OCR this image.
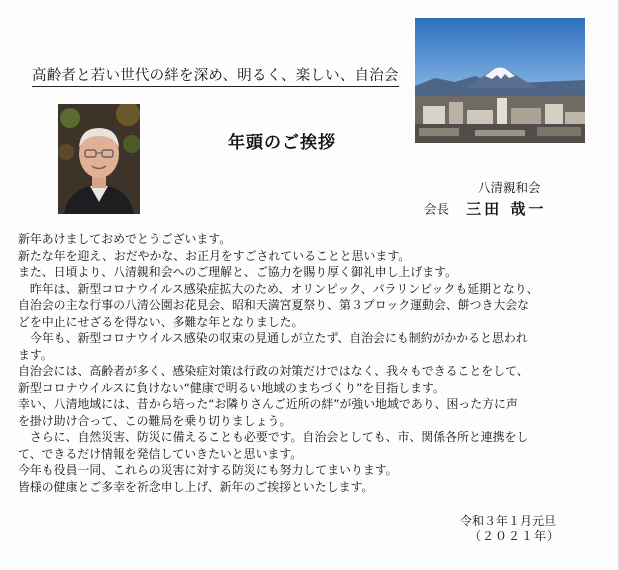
高齢者と若い世代の絆を深め、明るく、楽しい、自治会
年頭のご挨拶
八清親和会
会長 三田 哉一
新年あけましておめでとうございます。
新たな年を迎え、おだやかな、お正月をすごされていることと思います。
また、日頃より、八清親和会へのご理解と、ご協力を賜り厚く御礼申し上げます。
　昨年は、新型コロナウイルス感染症拡大のため、オリンピック、パラリンピックも延期となり、
自治会の主な行事の八清公園お花見会、昭和天満宮夏祭り、第３ブロック運動会、餅つき大会な
どを中止にせざるを得ない、多難な年となりました。
　今年も、新型コロナウイルス感染の収束の見通しが立たず、自治会にも制約がかかると思われ
ます。
自治会には、高齢者が多く、感染症対策は行政の対策だけではなく、我々もできることをして、
新型コロナウイルスに負けない“健康で明るい地域のまちづくり”を目指します。
幸い、八清地域には、昔から培った“お隣りさんご近所の絆”が強い地域であり、困った方に声
を掛け助け合って、この難局を乗り切りましょう。
　さらに、自然災害、防災に備えることも必要です。自治会としても、市、関係各所と連携をし
て、できるだけ情報を発信していきたいと思います。
今年も役員一同、これらの災害に対する防災にも努力してまいります。
皆様の健康とご多幸を祈念申し上げ、新年のご挨拶といたします。
令和３年１月元旦
（２０２１年）
